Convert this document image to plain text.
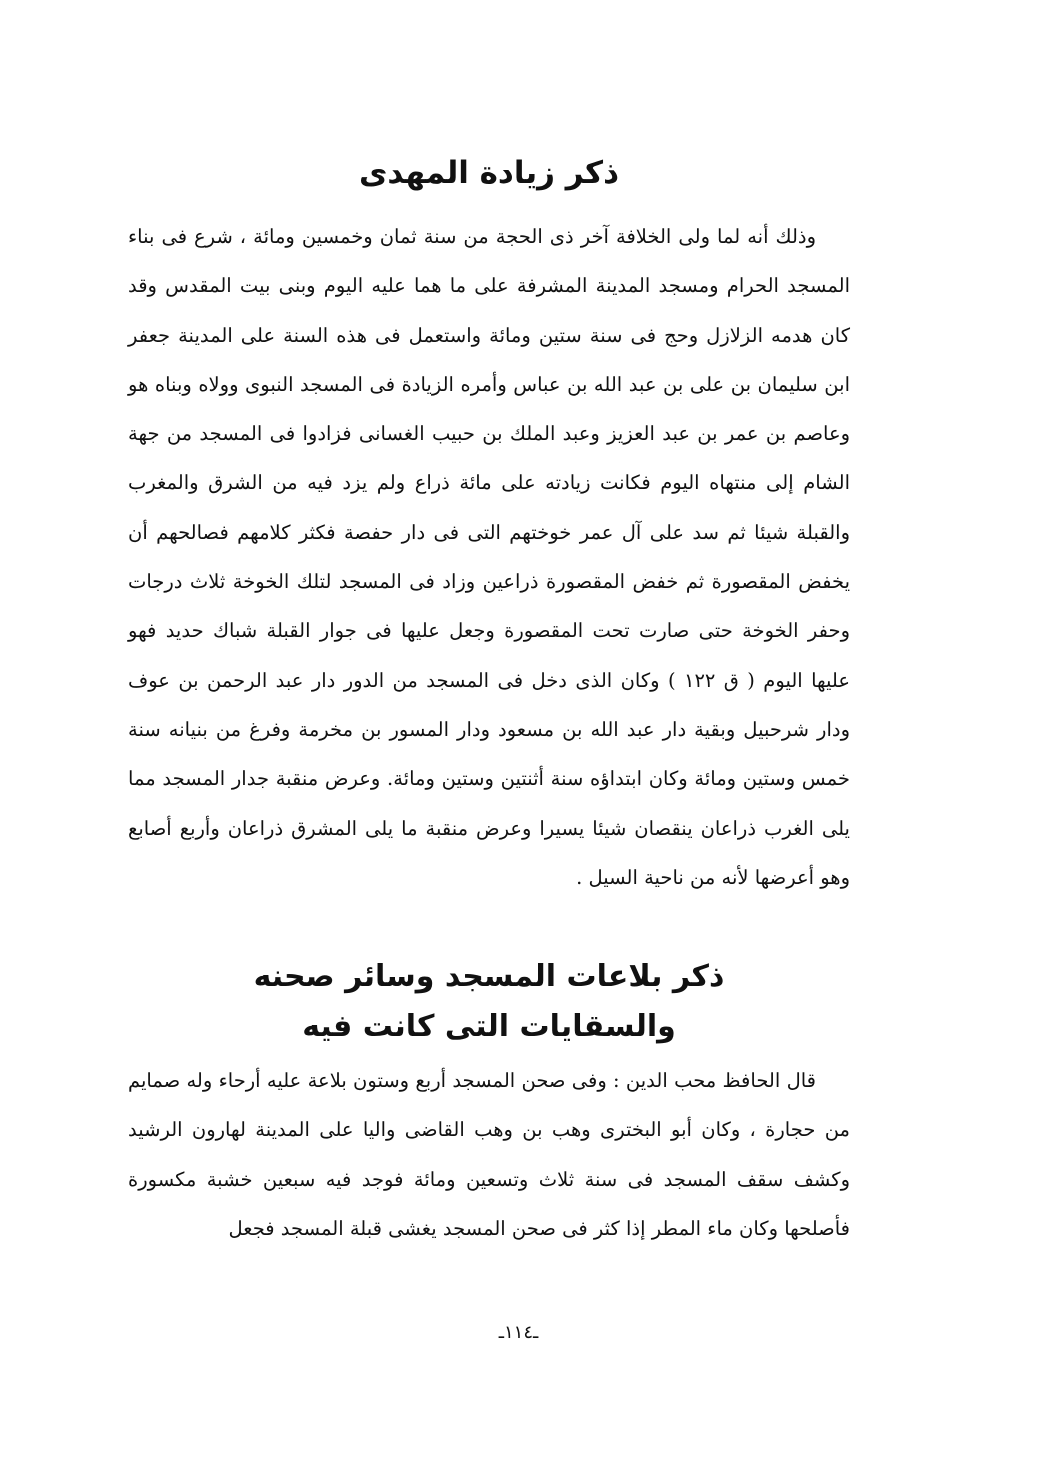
ذكر زيادة المهدى

وذلك أنه لما ولى الخلافة آخر ذى الحجة من سنة ثمان وخمسين ومائة ، شرع فى بناء المسجد الحرام ومسجد المدينة المشرفة على ما هما عليه اليوم وبنى بيت المقدس وقد كان هدمه الزلازل وحج فى سنة ستين ومائة واستعمل فى هذه السنة على المدينة جعفر ابن سليمان بن على بن عبد الله بن عباس وأمره الزيادة فى المسجد النبوى وولاه وبناه هو وعاصم بن عمر بن عبد العزيز وعبد الملك بن حبيب الغسانى فزادوا فى المسجد من جهة الشام إلى منتهاه اليوم فكانت زيادته على مائة ذراع ولم يزد فيه من الشرق والمغرب والقبلة شيئا ثم سد على آل عمر خوختهم التى فى دار حفصة فكثر كلامهم فصالحهم أن يخفض المقصورة ثم خفض المقصورة ذراعين وزاد فى المسجد لتلك الخوخة ثلاث درجات وحفر الخوخة حتى صارت تحت المقصورة وجعل عليها فى جوار القبلة شباك حديد فهو عليها اليوم ( ق ١٢٢ ) وكان الذى دخل فى المسجد من الدور دار عبد الرحمن بن عوف ودار شرحبيل وبقية دار عبد الله بن مسعود ودار المسور بن مخرمة وفرغ من بنيانه سنة خمس وستين ومائة وكان ابتداؤه سنة أثنتين وستين ومائة. وعرض منقبة جدار المسجد مما يلى الغرب ذراعان ينقصان شيئا يسيرا وعرض منقبة ما يلى المشرق ذراعان وأربع أصابع وهو أعرضها لأنه من ناحية السيل .

ذكر بلاعات المسجد وسائر صحنه
والسقايات التى كانت فيه

قال الحافظ محب الدين : وفى صحن المسجد أربع وستون بلاعة عليه أرحاء وله صمايم من حجارة ، وكان أبو البخترى وهب بن وهب القاضى واليا على المدينة لهارون الرشيد وكشف سقف المسجد فى سنة ثلاث وتسعين ومائة فوجد فيه سبعين خشبة مكسورة فأصلحها وكان ماء المطر إذا كثر فى صحن المسجد يغشى قبلة المسجد فجعل

ـ١١٤ـ
